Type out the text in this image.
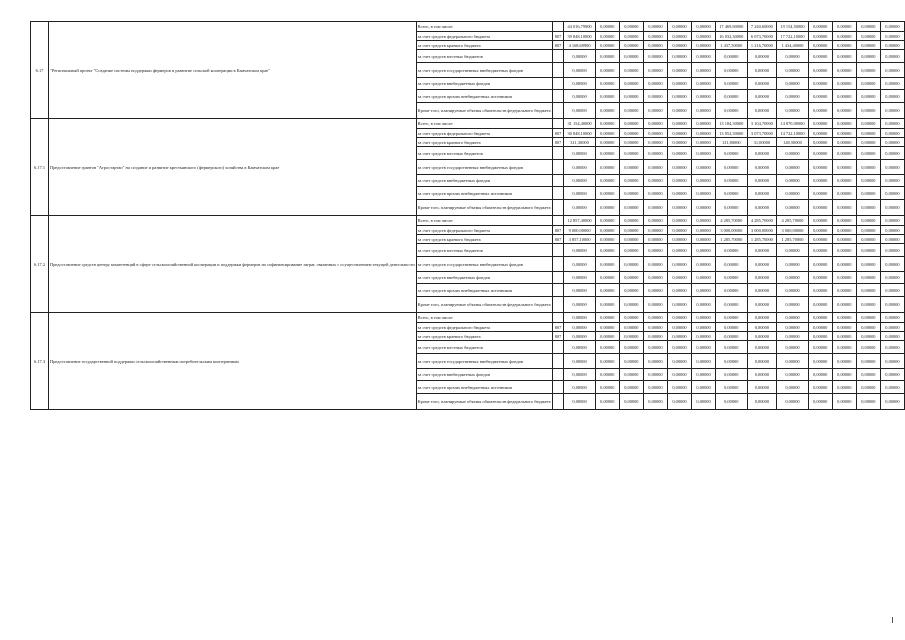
6.17	"Региональный проект "Создание системы поддержки фермеров и развитие сельской кооперации в Камчатском крае"	Всего, в том числе:		44 016,79900	0,00000	0,00000	0,00000	0,00000	0,00000	17 469,80000	7 240,60000	19 154,50000	0,00000	0,00000	0,00000	0,00000
		за счет средств федерального бюджета	807	39 848,10000	0,00000	0,00000	0,00000	0,00000	0,00000	16 032,30000	6 073,70000	17 722,10000	0,00000	0,00000	0,00000	0,00000
		за счет средств краевого бюджета	807	4 168,69900	0,00000	0,00000	0,00000	0,00000	0,00000	1 437,50000	1 216,70000	1 434,40000	0,00000	0,00000	0,00000	0,00000
		за счет средств местных бюджетов		0,00000	0,00000	0,00000	0,00000	0,00000	0,00000	0,00000	0,00000	0,00000	0,00000	0,00000	0,00000	0,00000
		за счет средств государственных внебюджетных фондов		0,00000	0,00000	0,00000	0,00000	0,00000	0,00000	0,00000	0,00000	0,00000	0,00000	0,00000	0,00000	0,00000
		за счет средств внебюджетных фондов		0,00000	0,00000	0,00000	0,00000	0,00000	0,00000	0,00000	0,00000	0,00000	0,00000	0,00000	0,00000	0,00000
		за счет средств прочих внебюджетных источников		0,00000	0,00000	0,00000	0,00000	0,00000	0,00000	0,00000	0,00000	0,00000	0,00000	0,00000	0,00000	0,00000
		Кроме того, планируемые объемы обязательств федерального бюджета		0,00000	0,00000	0,00000	0,00000	0,00000	0,00000	0,00000	0,00000	0,00000	0,00000	0,00000	0,00000	0,00000
6.17.1	Предоставление грантов "Агростартап" на создание и развитие крестьянского (фермерского) хозяйства в Камчатском крае	Всего, в том числе:		31 154,40000	0,00000	0,00000	0,00000	0,00000	0,00000	13 184,30000	3 104,70000	14 870,00000	0,00000	0,00000	0,00000	0,00000
		за счет средств федерального бюджета	807	30 848,10000	0,00000	0,00000	0,00000	0,00000	0,00000	13 052,30000	3 073,70000	14 722,10000	0,00000	0,00000	0,00000	0,00000
		за счет средств краевого бюджета	807	311,30000	0,00000	0,00000	0,00000	0,00000	0,00000	131,80000	31,00000	148,50000	0,00000	0,00000	0,00000	0,00000
		за счет средств местных бюджетов		0,00000	0,00000	0,00000	0,00000	0,00000	0,00000	0,00000	0,00000	0,00000	0,00000	0,00000	0,00000	0,00000
		за счет средств государственных внебюджетных фондов		0,00000	0,00000	0,00000	0,00000	0,00000	0,00000	0,00000	0,00000	0,00000	0,00000	0,00000	0,00000	0,00000
		за счет средств внебюджетных фондов		0,00000	0,00000	0,00000	0,00000	0,00000	0,00000	0,00000	0,00000	0,00000	0,00000	0,00000	0,00000	0,00000
		за счет средств прочих внебюджетных источников		0,00000	0,00000	0,00000	0,00000	0,00000	0,00000	0,00000	0,00000	0,00000	0,00000	0,00000	0,00000	0,00000
		Кроме того, планируемые объемы обязательств федерального бюджета		0,00000	0,00000	0,00000	0,00000	0,00000	0,00000	0,00000	0,00000	0,00000	0,00000	0,00000	0,00000	0,00000
6.17.2	Предоставление средств центру компетенций в сфере сельскохозяйственной кооперации и поддержки фермеров на софинансирование затрат, связанных с осуществлением текущей деятельности	Всего, в том числе:		12 857,40000	0,00000	0,00000	0,00000	0,00000	0,00000	4 285,70000	4 285,70000	4 285,70000	0,00000	0,00000	0,00000	0,00000
		за счет средств федерального бюджета	807	9 000,00000	0,00000	0,00000	0,00000	0,00000	0,00000	3 000,00000	3 000,00000	3 000,00000	0,00000	0,00000	0,00000	0,00000
		за счет средств краевого бюджета	807	3 857,10000	0,00000	0,00000	0,00000	0,00000	0,00000	1 285,70000	1 285,70000	1 285,70000	0,00000	0,00000	0,00000	0,00000
		за счет средств местных бюджетов		0,00000	0,00000	0,00000	0,00000	0,00000	0,00000	0,00000	0,00000	0,00000	0,00000	0,00000	0,00000	0,00000
		за счет средств государственных внебюджетных фондов		0,00000	0,00000	0,00000	0,00000	0,00000	0,00000	0,00000	0,00000	0,00000	0,00000	0,00000	0,00000	0,00000
		за счет средств внебюджетных фондов		0,00000	0,00000	0,00000	0,00000	0,00000	0,00000	0,00000	0,00000	0,00000	0,00000	0,00000	0,00000	0,00000
		за счет средств прочих внебюджетных источников		0,00000	0,00000	0,00000	0,00000	0,00000	0,00000	0,00000	0,00000	0,00000	0,00000	0,00000	0,00000	0,00000
		Кроме того, планируемые объемы обязательств федерального бюджета		0,00000	0,00000	0,00000	0,00000	0,00000	0,00000	0,00000	0,00000	0,00000	0,00000	0,00000	0,00000	0,00000
6.17.3	Предоставление государственной поддержки сельскохозяйственным потребительским кооперативам	Всего, в том числе:		0,00000	0,00000	0,00000	0,00000	0,00000	0,00000	0,00000	0,00000	0,00000	0,00000	0,00000	0,00000	0,00000
		за счет средств федерального бюджета	807	0,00000	0,00000	0,00000	0,00000	0,00000	0,00000	0,00000	0,00000	0,00000	0,00000	0,00000	0,00000	0,00000
		за счет средств краевого бюджета	807	0,00000	0,00000	0,00000	0,00000	0,00000	0,00000	0,00000	0,00000	0,00000	0,00000	0,00000	0,00000	0,00000
		за счет средств местных бюджетов		0,00000	0,00000	0,00000	0,00000	0,00000	0,00000	0,00000	0,00000	0,00000	0,00000	0,00000	0,00000	0,00000
		за счет средств государственных внебюджетных фондов		0,00000	0,00000	0,00000	0,00000	0,00000	0,00000	0,00000	0,00000	0,00000	0,00000	0,00000	0,00000	0,00000
		за счет средств внебюджетных фондов		0,00000	0,00000	0,00000	0,00000	0,00000	0,00000	0,00000	0,00000	0,00000	0,00000	0,00000	0,00000	0,00000
		за счет средств прочих внебюджетных источников		0,00000	0,00000	0,00000	0,00000	0,00000	0,00000	0,00000	0,00000	0,00000	0,00000	0,00000	0,00000	0,00000
		Кроме того, планируемые объемы обязательств федерального бюджета		0,00000	0,00000	0,00000	0,00000	0,00000	0,00000	0,00000	0,00000	0,00000	0,00000	0,00000	0,00000	0,00000
